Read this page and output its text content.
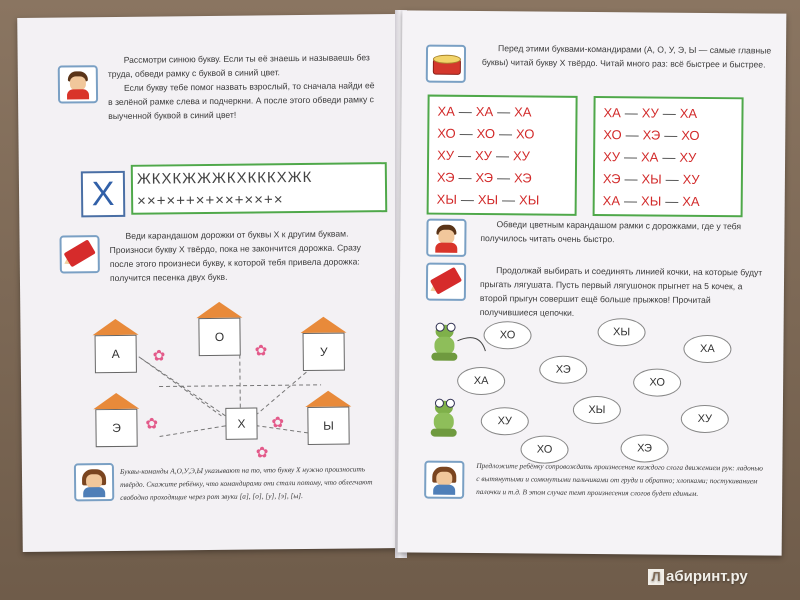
Рассмотри синюю букву. Если ты её знаешь и называешь без труда, обведи рамку с буквой в синий цвет.

Если букву тебе помог назвать взрослый, то сначала найди её в зелёной рамке слева и подчеркни. А после этого обведи рамку с выученной буквой в синий цвет!

Х	ЖКХКЖЖЖКХКККХЖК
××+×++×+××+××+×

Веди карандашом дорожки от буквы Х к другим буквам. Произноси букву Х твёрдо, пока не закончится дорожка. Сразу после этого произнеси букву, к которой тебя привела дорожка: получится песенка двух букв.

А
О
У
Э	Ы
Х
✿	✿
✿	✿
✿
Буквы-команды А,О,У,Э,Ы указывают на то, что букву Х нужно произносить твёрдо. Скажите ребёнку, что командирами они стали потому, что облегчают свободно проходящие через рот звуки [а], [о], [у], [э], [ы].

Перед этими буквами-командирами (А, О, У, Э, Ы — самые главные буквы) читай букву Х твёрдо. Читай много раз: всё быстрее и быстрее.

ХА — ХА — ХА
ХО — ХО — ХО
ХУ — ХУ — ХУ
ХЭ — ХЭ — ХЭ
ХЫ — ХЫ — ХЫ
ХА — ХУ — ХА
ХО — ХЭ — ХО
ХУ — ХА — ХУ
ХЭ — ХЫ — ХУ
ХА — ХЫ — ХА

Обведи цветным карандашом рамки с дорожками, где у тебя получилось читать очень быстро.

Продолжай выбирать и соединять линией кочки, на которые будут прыгать лягушата. Пусть первый лягушонок прыгнет на 5 кочек, а второй прыгун совершит ещё больше прыжков! Прочитай получившиеся цепочки.

ХО	ХЫ
ХА
ХА
ХЭ
ХО
ХУ
ХЫ
ХУ
ХО	ХЭ
Предложите ребёнку сопровождать произнесение каждого слога движением рук: ладонью с вытянутыми и сомкнутыми пальчиками от груди и обратно; хлопками; постукиванием палочки и т.д. В этом случае темп произнесения слогов будет единым.
Л абиринт.ру
